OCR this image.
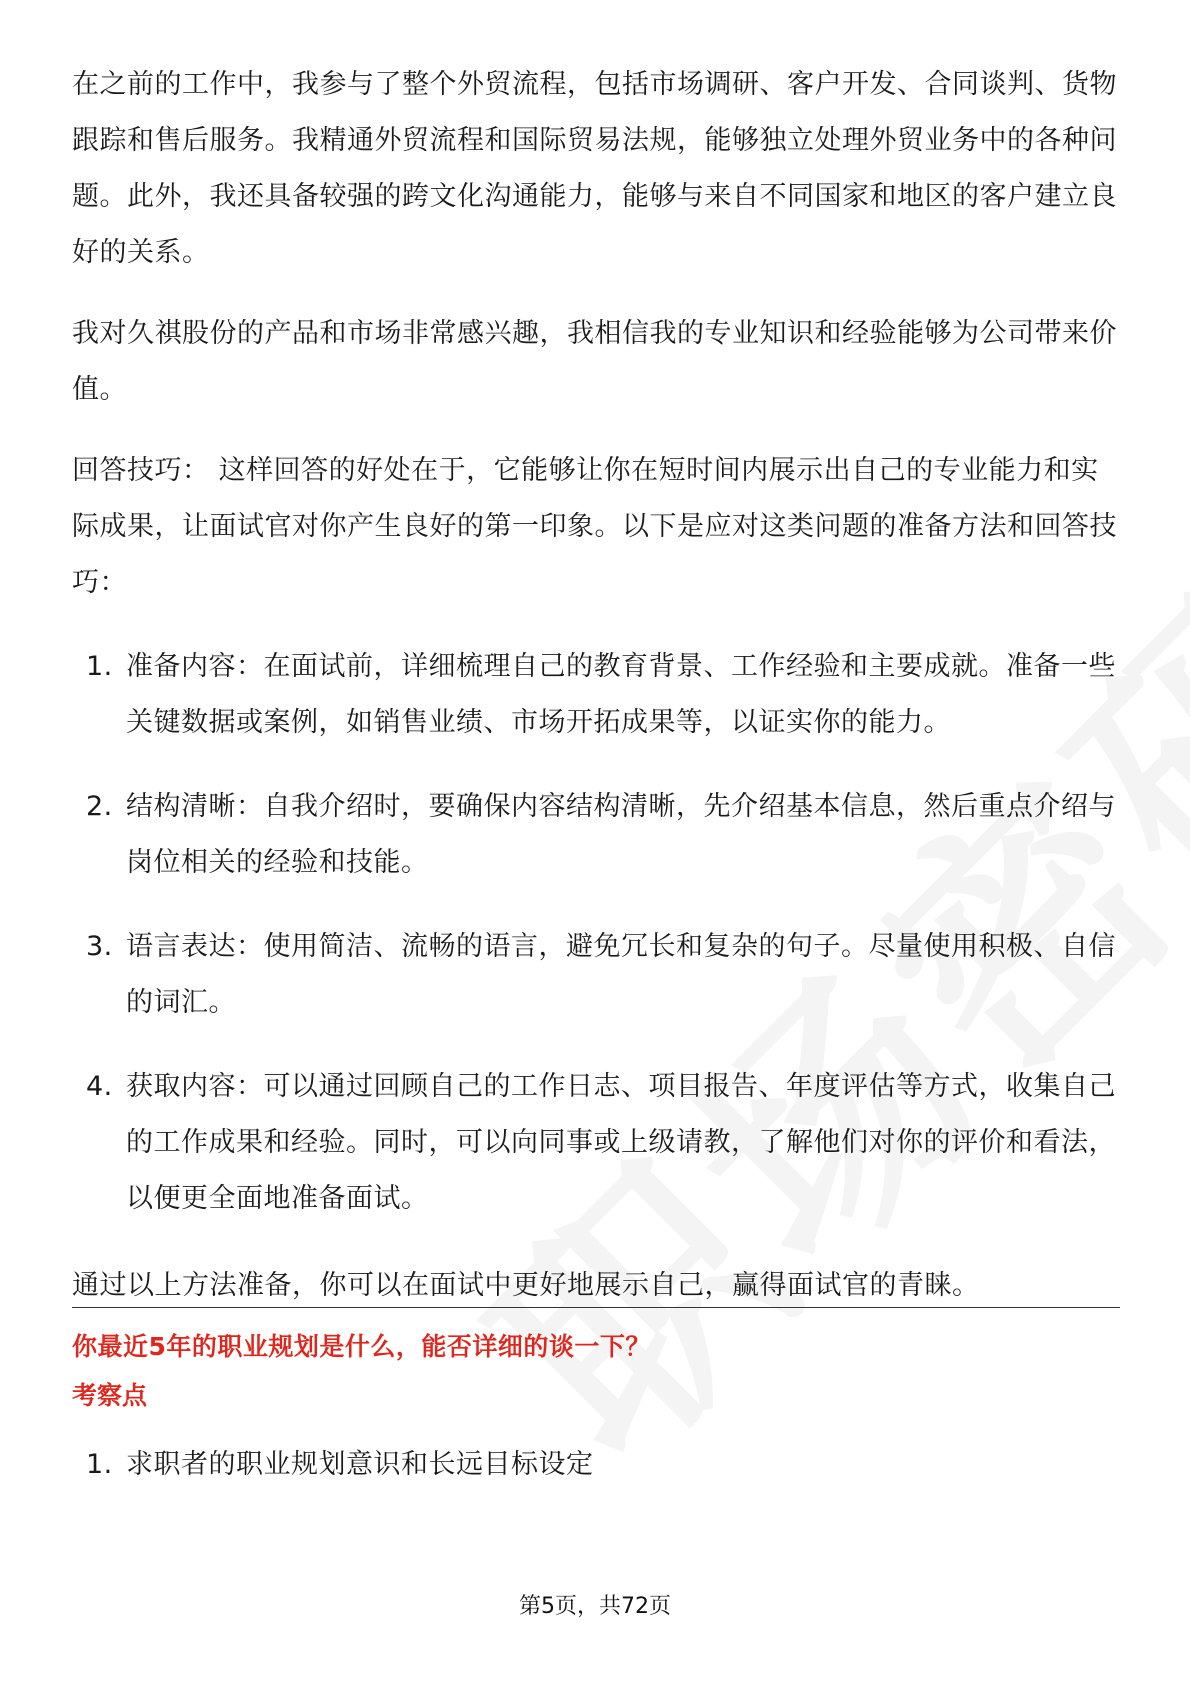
在之前的工作中，我参与了整个外贸流程，包括市场调研、客户开发、合同谈判、货物跟踪和售后服务。我精通外贸流程和国际贸易法规，能够独立处理外贸业务中的各种问题。此外，我还具备较强的跨文化沟通能力，能够与来自不同国家和地区的客户建立良好的关系。

我对久祺股份的产品和市场非常感兴趣，我相信我的专业知识和经验能够为公司带来价值。

回答技巧： 这样回答的好处在于，它能够让你在短时间内展示出自己的专业能力和实际成果，让面试官对你产生良好的第一印象。以下是应对这类问题的准备方法和回答技巧：

1. 准备内容：在面试前，详细梳理自己的教育背景、工作经验和主要成就。准备一些关键数据或案例，如销售业绩、市场开拓成果等，以证实你的能力。
2. 结构清晰：自我介绍时，要确保内容结构清晰，先介绍基本信息，然后重点介绍与岗位相关的经验和技能。
3. 语言表达：使用简洁、流畅的语言，避免冗长和复杂的句子。尽量使用积极、自信的词汇。
4. 获取内容：可以通过回顾自己的工作日志、项目报告、年度评估等方式，收集自己的工作成果和经验。同时，可以向同事或上级请教，了解他们对你的评价和看法，以便更全面地准备面试。

通过以上方法准备，你可以在面试中更好地展示自己，赢得面试官的青睐。

你最近5年的职业规划是什么，能否详细的谈一下？
考察点
1. 求职者的职业规划意识和长远目标设定
第5页，共72页
